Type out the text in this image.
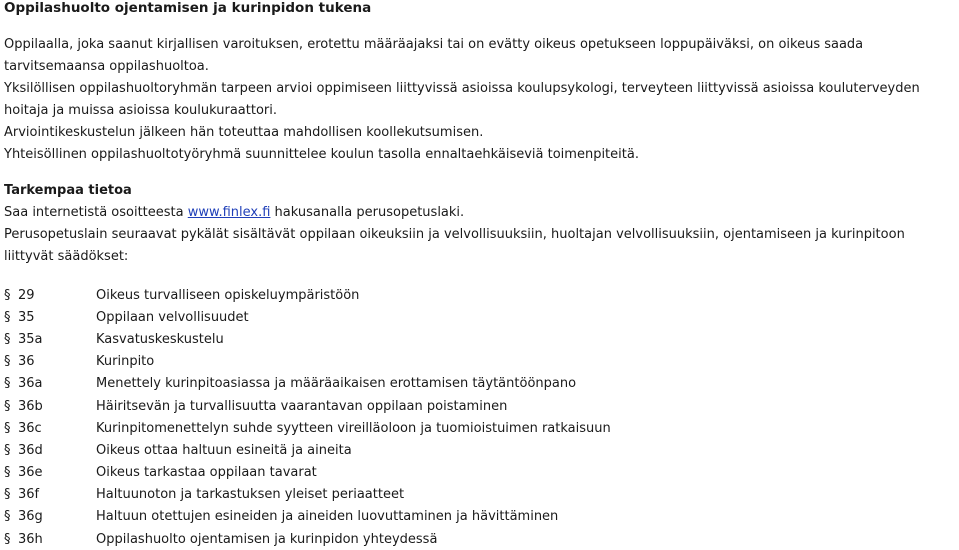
Oppilashuolto ojentamisen ja kurinpidon tukena

Oppilaalla, joka saanut kirjallisen varoituksen, erotettu määräajaksi tai on evätty oikeus opetukseen loppupäiväksi, on oikeus saada tarvitsemaansa oppilashuoltoa.

Yksilöllisen oppilashuoltoryhmän tarpeen arvioi oppimiseen liittyvissä asioissa koulupsykologi, terveyteen liittyvissä asioissa kouluterveyden hoitaja ja muissa asioissa koulukuraattori.

Arviointikeskustelun jälkeen hän toteuttaa mahdollisen koollekutsumisen.

Yhteisöllinen oppilashuoltotyöryhmä suunnittelee koulun tasolla ennaltaehkäiseviä toimenpiteitä.

Tarkempaa tietoa

Saa internetistä osoitteesta www.finlex.fi hakusanalla perusopetuslaki.

Perusopetuslain seuraavat pykälät sisältävät oppilaan oikeuksiin ja velvollisuuksiin, huoltajan velvollisuuksiin, ojentamiseen ja kurinpitoon liittyvät säädökset:

§ 29	Oikeus turvalliseen opiskeluympäristöön
§ 35	Oppilaan velvollisuudet
§ 35a	Kasvatuskeskustelu
§ 36	Kurinpito
§ 36a	Menettely kurinpitoasiassa ja määräaikaisen erottamisen täytäntöönpano
§ 36b	Häiritsevän ja turvallisuutta vaarantavan oppilaan poistaminen
§ 36c	Kurinpitomenettelyn suhde syytteen vireilläoloon ja tuomioistuimen ratkaisuun
§ 36d	Oikeus ottaa haltuun esineitä ja aineita
§ 36e	Oikeus tarkastaa oppilaan tavarat
§ 36f	Haltuunoton ja tarkastuksen yleiset periaatteet
§ 36g	Haltuun otettujen esineiden ja aineiden luovuttaminen ja hävittäminen
§ 36h	Oppilashuolto ojentamisen ja kurinpidon yhteydessä
